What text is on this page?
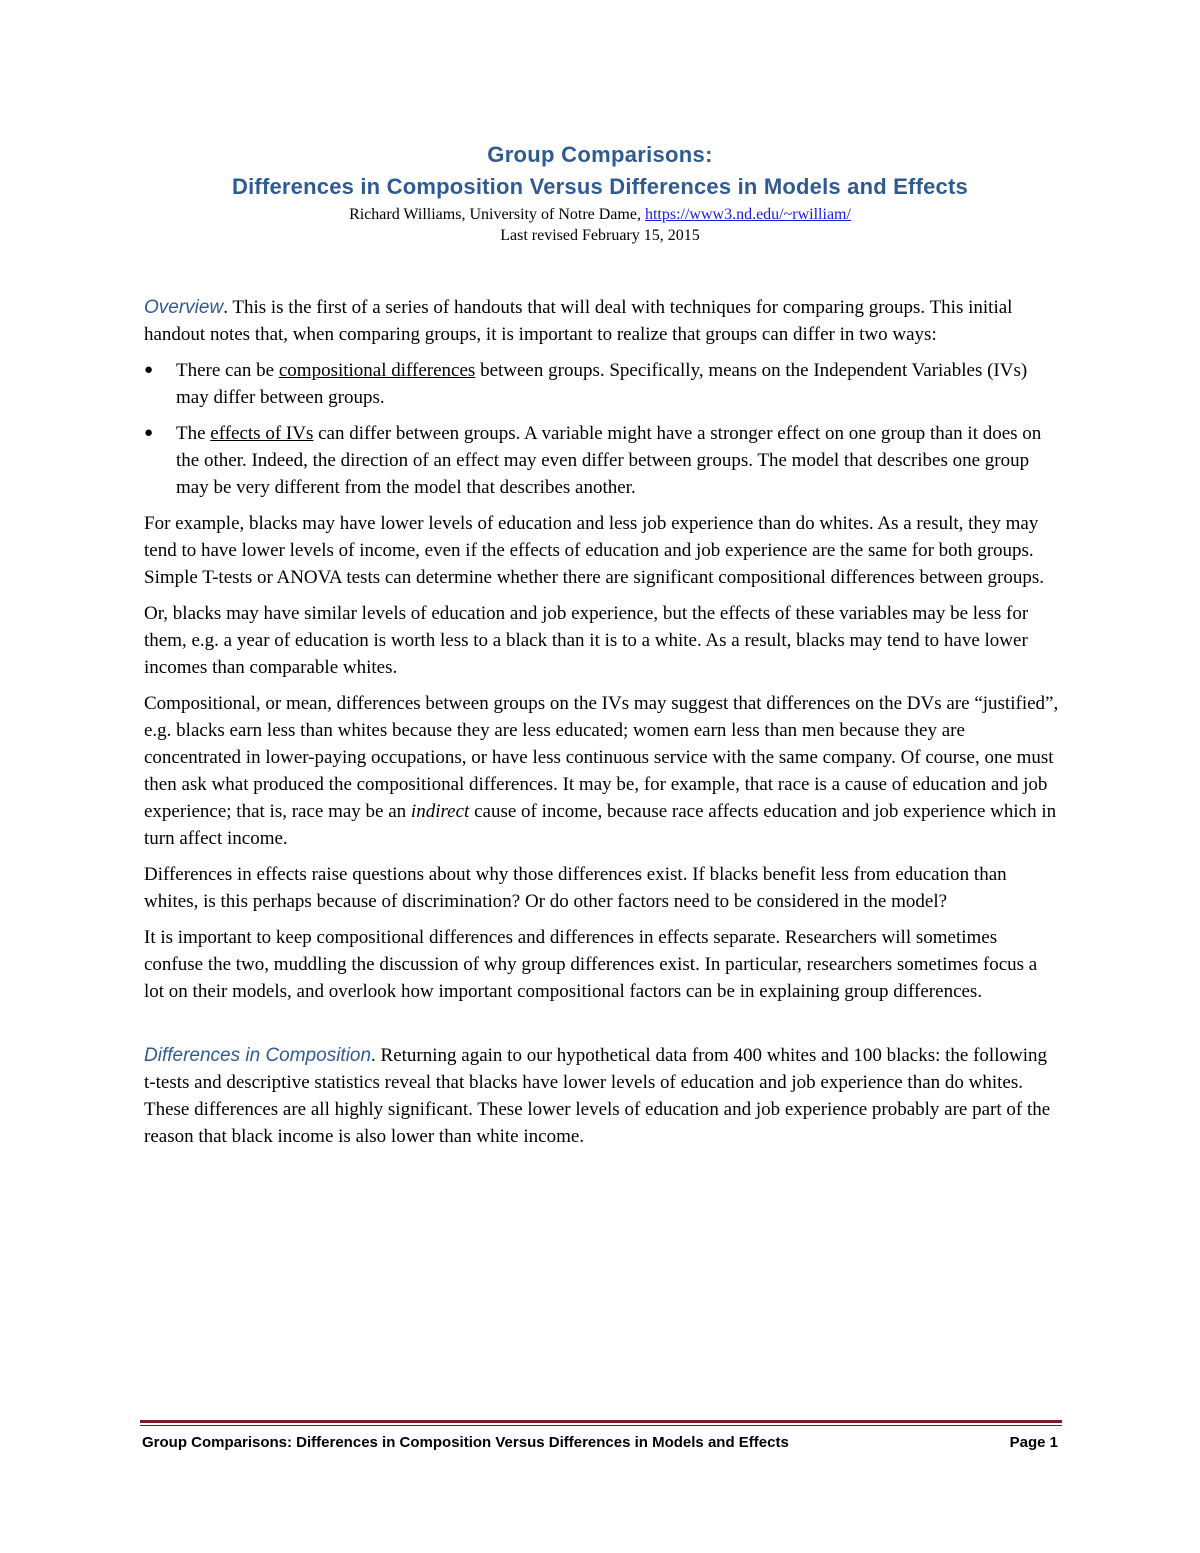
Group Comparisons:
Differences in Composition Versus Differences in Models and Effects
Richard Williams, University of Notre Dame, https://www3.nd.edu/~rwilliam/
Last revised February 15, 2015

Overview. This is the first of a series of handouts that will deal with techniques for comparing groups. This initial handout notes that, when comparing groups, it is important to realize that groups can differ in two ways:

● There can be compositional differences between groups. Specifically, means on the Independent Variables (IVs) may differ between groups.
● The effects of IVs can differ between groups. A variable might have a stronger effect on one group than it does on the other. Indeed, the direction of an effect may even differ between groups. The model that describes one group may be very different from the model that describes another.

For example, blacks may have lower levels of education and less job experience than do whites. As a result, they may tend to have lower levels of income, even if the effects of education and job experience are the same for both groups. Simple T-tests or ANOVA tests can determine whether there are significant compositional differences between groups.

Or, blacks may have similar levels of education and job experience, but the effects of these variables may be less for them, e.g. a year of education is worth less to a black than it is to a white. As a result, blacks may tend to have lower incomes than comparable whites.

Compositional, or mean, differences between groups on the IVs may suggest that differences on the DVs are “justified”, e.g. blacks earn less than whites because they are less educated; women earn less than men because they are concentrated in lower-paying occupations, or have less continuous service with the same company. Of course, one must then ask what produced the compositional differences. It may be, for example, that race is a cause of education and job experience; that is, race may be an indirect cause of income, because race affects education and job experience which in turn affect income.

Differences in effects raise questions about why those differences exist. If blacks benefit less from education than whites, is this perhaps because of discrimination? Or do other factors need to be considered in the model?

It is important to keep compositional differences and differences in effects separate. Researchers will sometimes confuse the two, muddling the discussion of why group differences exist. In particular, researchers sometimes focus a lot on their models, and overlook how important compositional factors can be in explaining group differences.

Differences in Composition. Returning again to our hypothetical data from 400 whites and 100 blacks: the following t-tests and descriptive statistics reveal that blacks have lower levels of education and job experience than do whites. These differences are all highly significant. These lower levels of education and job experience probably are part of the reason that black income is also lower than white income.

Group Comparisons: Differences in Composition Versus Differences in Models and Effects	Page 1
